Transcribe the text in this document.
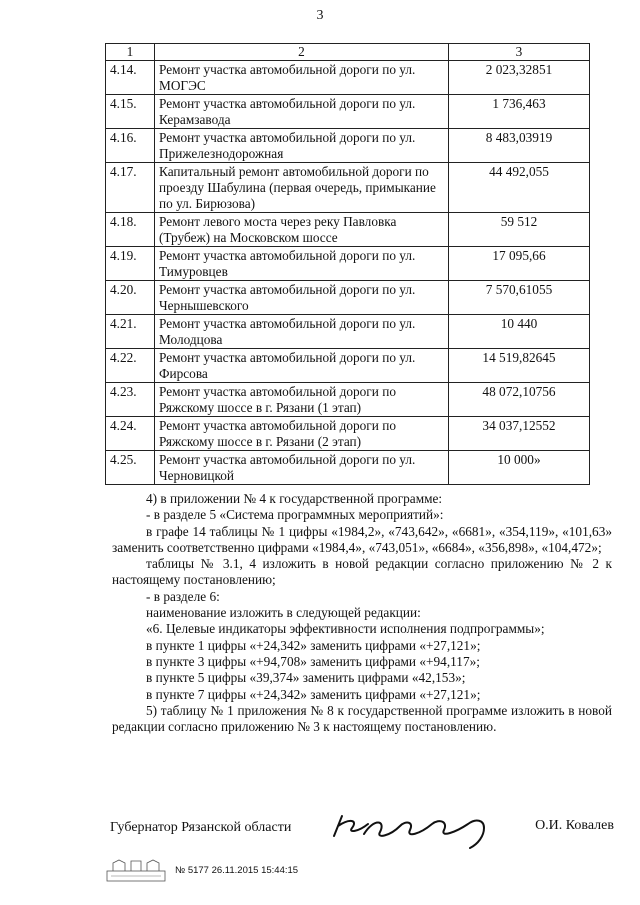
3
1	2	3
4.14.	Ремонт участка автомобильной дороги по ул. МОГЭС	2 023,32851
4.15.	Ремонт участка автомобильной дороги по ул. Керамзавода	1 736,463
4.16.	Ремонт участка автомобильной дороги по ул. Прижелезнодорожная	8 483,03919
4.17.	Капитальный ремонт автомобильной дороги по проезду Шабулина (первая очередь, примыкание по ул. Бирюзова)	44 492,055
4.18.	Ремонт левого моста через реку Павловка (Трубеж) на Московском шоссе	59 512
4.19.	Ремонт участка автомобильной дороги по ул. Тимуровцев	17 095,66
4.20.	Ремонт участка автомобильной дороги по ул. Чернышевского	7 570,61055
4.21.	Ремонт участка автомобильной дороги по ул. Молодцова	10 440
4.22.	Ремонт участка автомобильной дороги по ул. Фирсова	14 519,82645
4.23.	Ремонт участка автомобильной дороги по Ряжскому шоссе в г. Рязани (1 этап)	48 072,10756
4.24.	Ремонт участка автомобильной дороги по Ряжскому шоссе в г. Рязани (2 этап)	34 037,12552
4.25.	Ремонт участка автомобильной дороги по ул. Черновицкой	10 000»

4) в приложении № 4 к государственной программе:

- в разделе 5 «Система программных мероприятий»:

в графе 14 таблицы № 1 цифры «1984,2», «743,642», «6681», «354,119», «101,63» заменить соответственно цифрами «1984,4», «743,051», «6684», «356,898», «104,472»;

таблицы № 3.1, 4 изложить в новой редакции согласно приложению № 2 к настоящему постановлению;

- в разделе 6:

наименование изложить в следующей редакции:

«6. Целевые индикаторы эффективности исполнения подпрограммы»;

в пункте 1 цифры «+24,342» заменить цифрами «+27,121»;

в пункте 3 цифры «+94,708» заменить цифрами «+94,117»;

в пункте 5 цифры «39,374» заменить цифрами «42,153»;

в пункте 7 цифры «+24,342» заменить цифрами «+27,121»;

5) таблицу № 1 приложения № 8 к государственной программе изложить в новой редакции согласно приложению № 3 к настоящему постановлению.

Губернатор Рязанской области	О.И. Ковалев
№ 5177 26.11.2015 15:44:15
